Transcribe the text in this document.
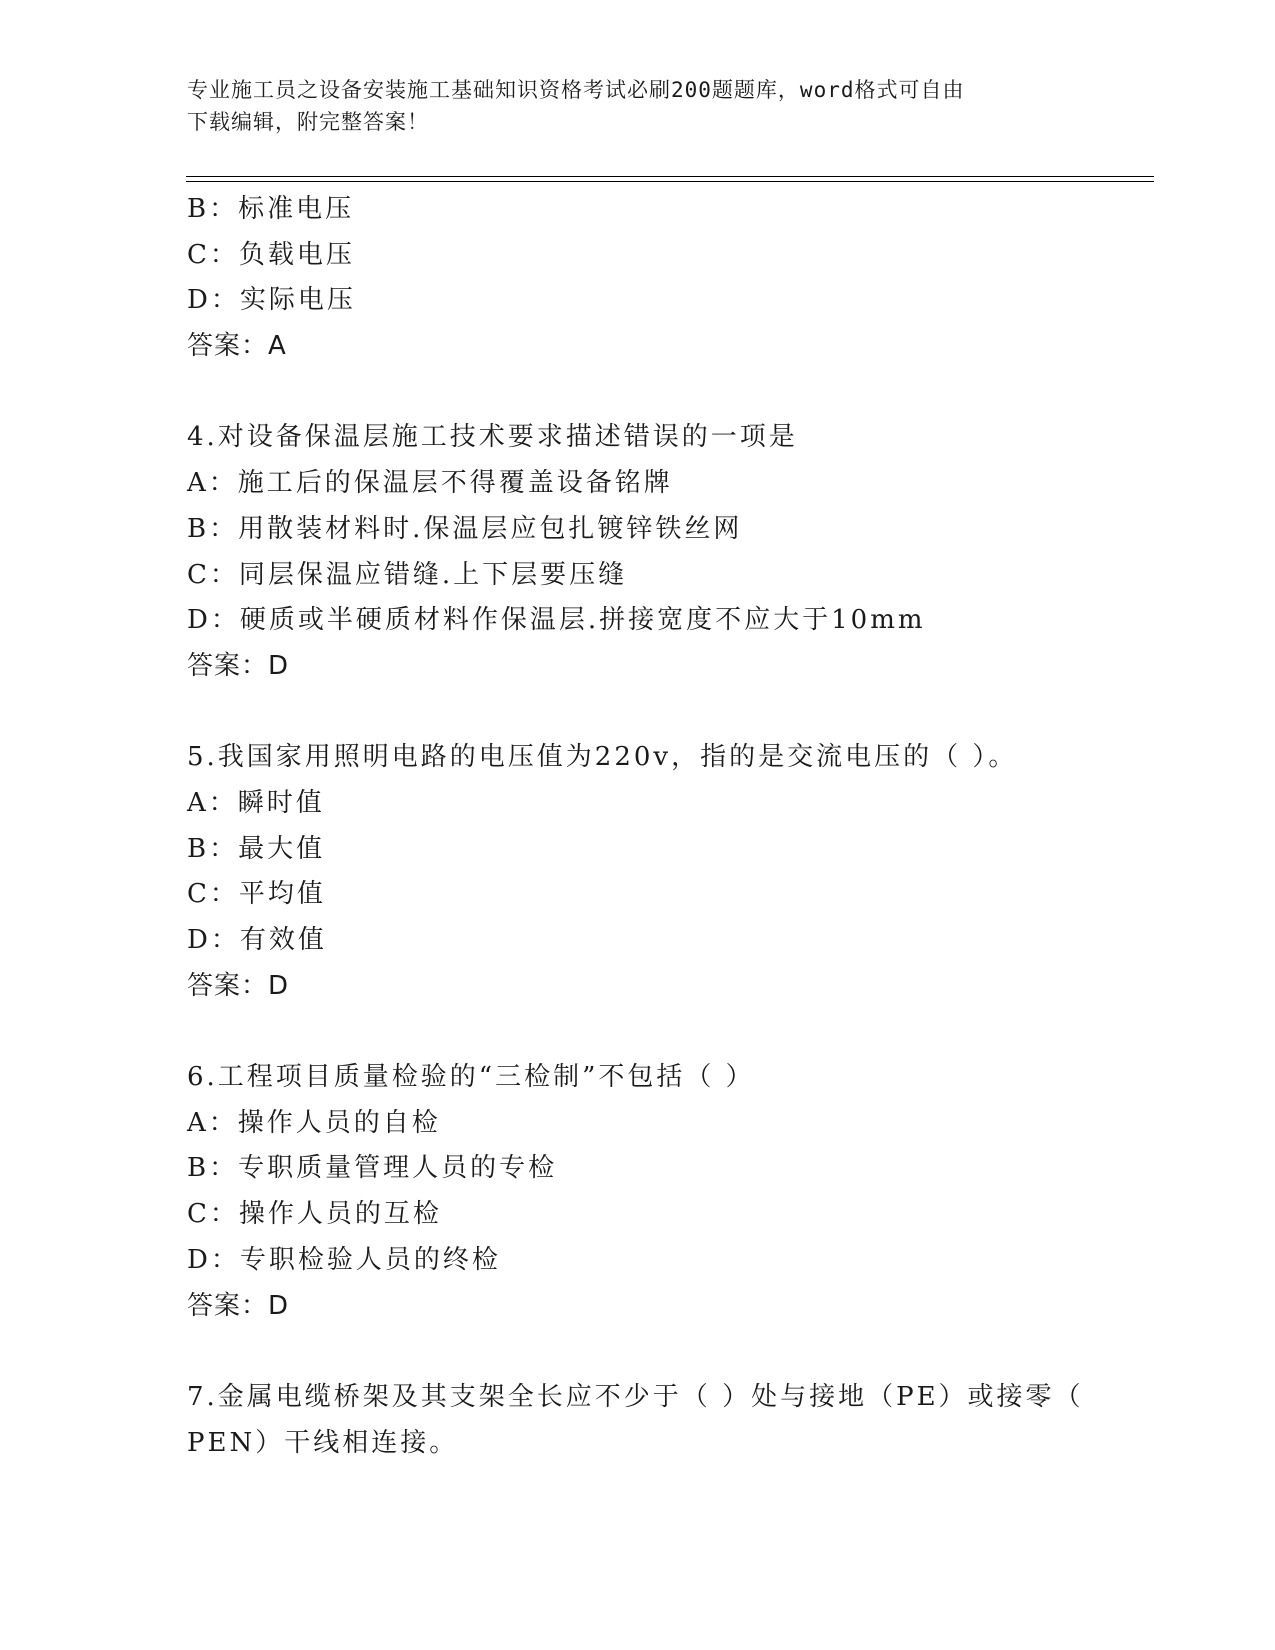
专业施工员之设备安装施工基础知识资格考试必刷200题题库，word格式可自由
下载编辑，附完整答案！
B：标准电压
C：负载电压
D：实际电压
答案：A
4.对设备保温层施工技术要求描述错误的一项是
A：施工后的保温层不得覆盖设备铭牌
B：用散装材料时.保温层应包扎镀锌铁丝网
C：同层保温应错缝.上下层要压缝
D：硬质或半硬质材料作保温层.拼接宽度不应大于10mm
答案：D
5.我国家用照明电路的电压值为220v，指的是交流电压的（ ）。
A：瞬时值
B：最大值
C：平均值
D：有效值
答案：D
6.工程项目质量检验的“三检制”不包括（ ）
A：操作人员的自检
B：专职质量管理人员的专检
C：操作人员的互检
D：专职检验人员的终检
答案：D
7.金属电缆桥架及其支架全长应不少于（ ）处与接地（PE）或接零（
PEN）干线相连接。
